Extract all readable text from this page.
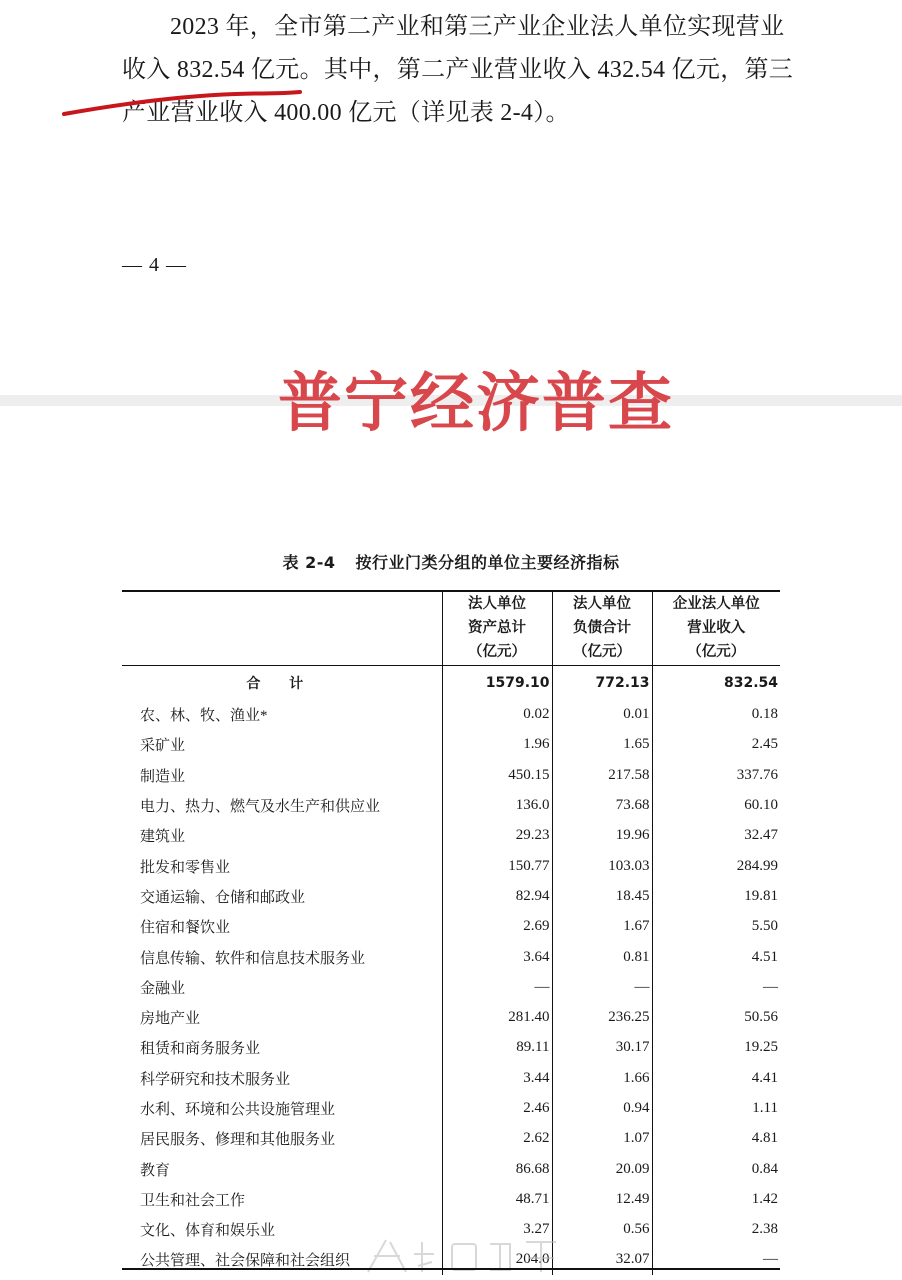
2023 年，全市第二产业和第三产业企业法人单位实现营业
收入 832.54 亿元。其中，第二产业营业收入 432.54 亿元，第三
产业营业收入 400.00 亿元（详见表 2-4）。
— 4 —
普宁经济普查
表 2-4 按行业门类分组的单位主要经济指标
	法人单位
资产总计
（亿元）	法人单位
负债合计
（亿元）	企业法人单位
营业收入
（亿元）
合 计	1579.10	772.13	832.54
农、林、牧、渔业*	0.02	0.01	0.18
采矿业	1.96	1.65	2.45
制造业	450.15	217.58	337.76
电力、热力、燃气及水生产和供应业	136.0	73.68	60.10
建筑业	29.23	19.96	32.47
批发和零售业	150.77	103.03	284.99
交通运输、仓储和邮政业	82.94	18.45	19.81
住宿和餐饮业	2.69	1.67	5.50
信息传输、软件和信息技术服务业	3.64	0.81	4.51
金融业	—	—	—
房地产业	281.40	236.25	50.56
租赁和商务服务业	89.11	30.17	19.25
科学研究和技术服务业	3.44	1.66	4.41
水利、环境和公共设施管理业	2.46	0.94	1.11
居民服务、修理和其他服务业	2.62	1.07	4.81
教育	86.68	20.09	0.84
卫生和社会工作	48.71	12.49	1.42
文化、体育和娱乐业	3.27	0.56	2.38
公共管理、社会保障和社会组织	204.0	32.07	—
